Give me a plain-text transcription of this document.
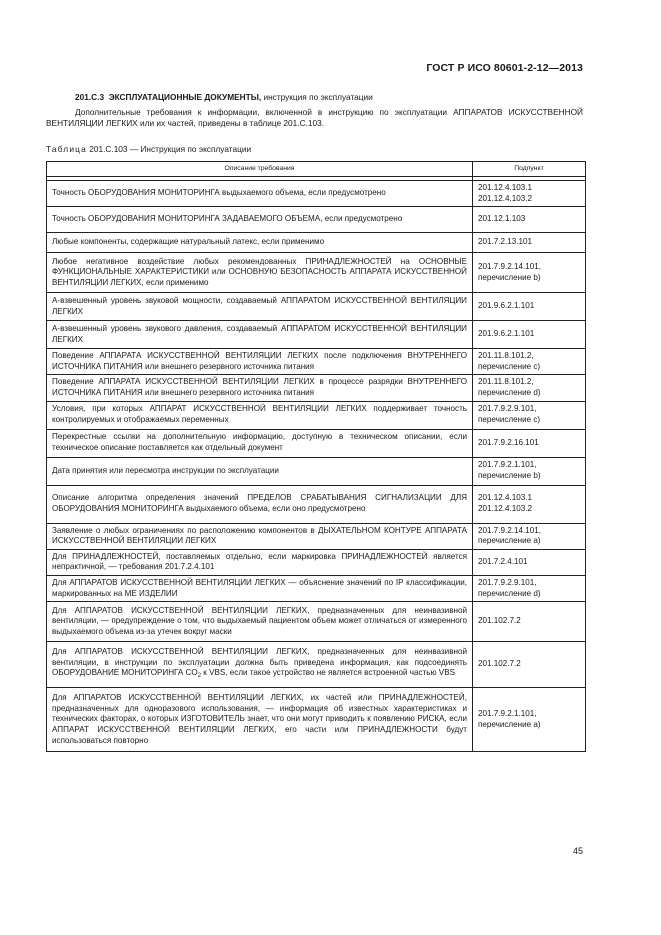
ГОСТ Р ИСО 80601-2-12—2013

201.С.3 ЭКСПЛУАТАЦИОННЫЕ ДОКУМЕНТЫ, инструкция по эксплуатации

Дополнительные требования к информации, включенной в инструкцию по эксплуатации АППАРАТОВ ИСКУССТВЕННОЙ ВЕНТИЛЯЦИИ ЛЕГКИХ или их частей, приведены в таблице 201.С.103.

Таблица 201.С.103 — Инструкция по эксплуатации
Описание требования	Подпункт

Точность ОБОРУДОВАНИЯ МОНИТОРИНГА выдыхаемого объема, если предусмотрено	201.12.4.103.1
201.12.4.103.2

Точность ОБОРУДОВАНИЯ МОНИТОРИНГА ЗАДАВАЕМОГО ОБЪЕМА, если предусмотрено	201.12.1.103

Любые компоненты, содержащие натуральный латекс, если применимо	201.7.2.13.101

Любое негативное воздействие любых рекомендованных ПРИНАДЛЕЖНОСТЕЙ на ОСНОВНЫЕ ФУНКЦИОНАЛЬНЫЕ ХАРАКТЕРИСТИКИ или ОСНОВНУЮ БЕЗОПАСНОСТЬ АППАРАТА ИСКУССТВЕННОЙ ВЕНТИЛЯЦИИ ЛЕГКИХ, если применимо	201.7.9.2.14.101,
перечисление b)

А-взвешенный уровень звуковой мощности, создаваемый АППАРАТОМ ИСКУССТВЕННОЙ ВЕНТИЛЯЦИИ ЛЕГКИХ	201.9.6.2.1.101

А-взвешенный уровень звукового давления, создаваемый АППАРАТОМ ИСКУССТВЕННОЙ ВЕНТИЛЯЦИИ ЛЕГКИХ	201.9.6.2.1.101

Поведение АППАРАТА ИСКУССТВЕННОЙ ВЕНТИЛЯЦИИ ЛЕГКИХ после подключения ВНУТРЕННЕГО ИСТОЧНИКА ПИТАНИЯ или внешнего резервного источника питания	201.11.8.101.2,
перечисление c)

Поведение АППАРАТА ИСКУССТВЕННОЙ ВЕНТИЛЯЦИИ ЛЕГКИХ в процессе разрядки ВНУТРЕННЕГО ИСТОЧНИКА ПИТАНИЯ или внешнего резервного источника питания	201.11.8.101.2,
перечисление d)

Условия, при которых АППАРАТ ИСКУССТВЕННОЙ ВЕНТИЛЯЦИИ ЛЕГКИХ поддерживает точность контролируемых и отображаемых переменных	201.7.9.2.9.101,
перечисление c)

Перекрестные ссылки на дополнительную информацию, доступную в техническом описании, если техническое описание поставляется как отдельный документ	201.7.9.2.16.101

Дата принятия или пересмотра инструкции по эксплуатации	201.7.9.2.1.101,
перечисление b)

Описание алгоритма определения значений ПРЕДЕЛОВ СРАБАТЫВАНИЯ СИГНАЛИЗАЦИИ ДЛЯ ОБОРУДОВАНИЯ МОНИТОРИНГА выдыхаемого объема, если оно предусмотрено	201.12.4.103.1
201.12.4.103.2

Заявление о любых ограничениях по расположению компонентов в ДЫХАТЕЛЬНОМ КОНТУРЕ АППАРАТА ИСКУССТВЕННОЙ ВЕНТИЛЯЦИИ ЛЕГКИХ	201.7.9.2.14.101,
перечисление a)

Для ПРИНАДЛЕЖНОСТЕЙ, поставляемых отдельно, если маркировка ПРИНАДЛЕЖНОСТЕЙ является непрактичной, — требования 201.7.2.4.101	201.7.2.4.101

Для АППАРАТОВ ИСКУССТВЕННОЙ ВЕНТИЛЯЦИИ ЛЕГКИХ — объяснение значений по IP классификации, маркированных на МЕ ИЗДЕЛИИ	201.7.9.2.9.101,
перечисление d)

Для АППАРАТОВ ИСКУССТВЕННОЙ ВЕНТИЛЯЦИИ ЛЕГКИХ, предназначенных для неинвазивной вентиляции, — предупреждение о том, что выдыхаемый пациентом объем может отличаться от измеренного выдыхаемого объема из-за утечек вокруг маски	201.102.7.2

Для АППАРАТОВ ИСКУССТВЕННОЙ ВЕНТИЛЯЦИИ ЛЕГКИХ, предназначенных для неинвазивной вентиляции, в инструкции по эксплуатации должна быть приведена информация, как подсоединять ОБОРУДОВАНИЕ МОНИТОРИНГА $CO_2$ к VBS, если такое устройство не является встроенной частью VBS	201.102.7.2

Для АППАРАТОВ ИСКУССТВЕННОЙ ВЕНТИЛЯЦИИ ЛЕГКИХ, их частей или ПРИНАДЛЕЖНОСТЕЙ, предназначенных для одноразового использования, — информация об известных характеристиках и технических факторах, о которых ИЗГОТОВИТЕЛЬ знает, что они могут приводить к появлению РИСКА, если АППАРАТ ИСКУССТВЕННОЙ ВЕНТИЛЯЦИИ ЛЕГКИХ, его части или ПРИНАДЛЕЖНОСТИ будут использоваться повторно	201.7.9.2.1.101,
перечисление a)
45
